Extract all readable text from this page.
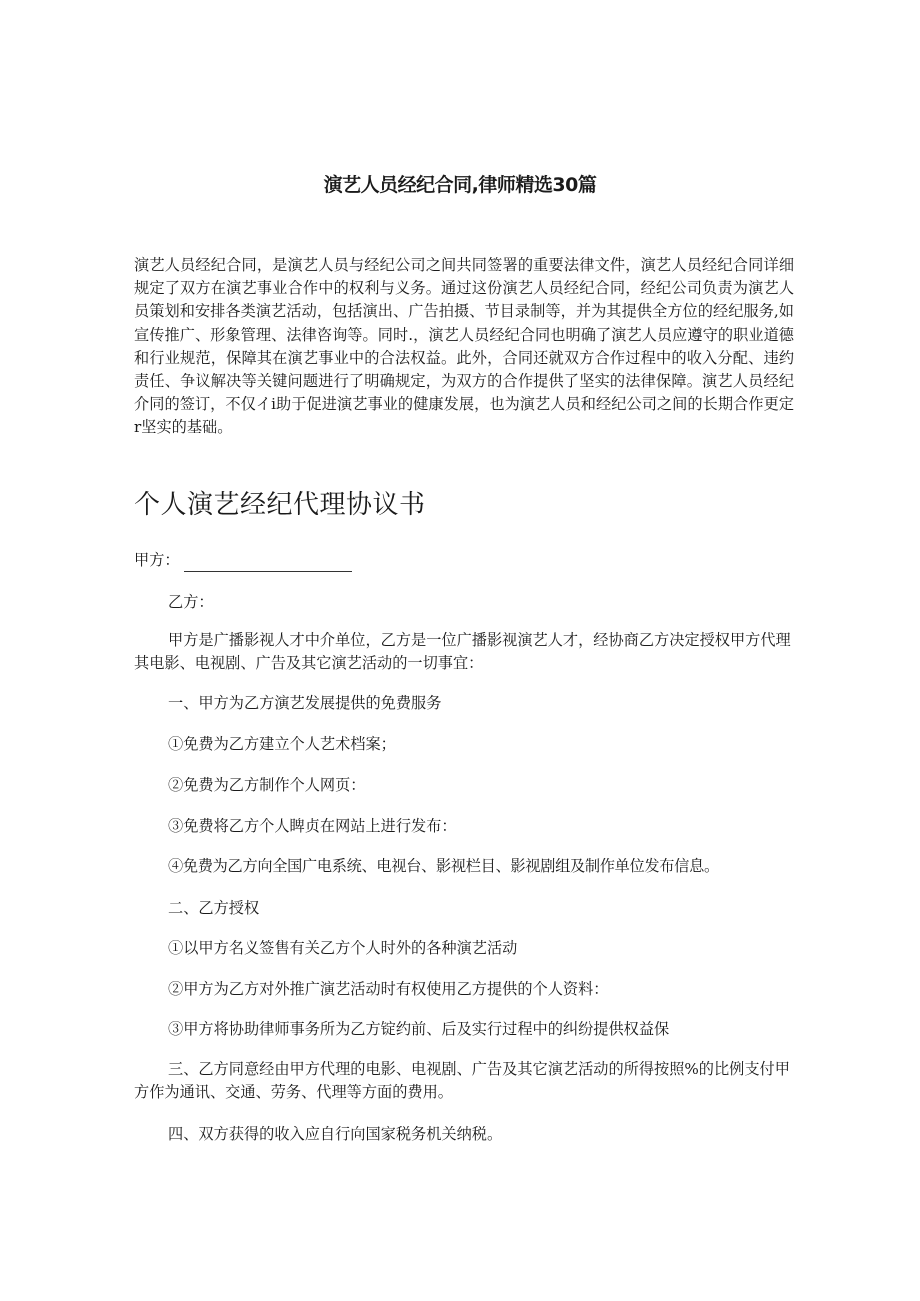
演艺人员经纪合同,律师精选30篇

演艺人员经纪合同，是演艺人员与经纪公司之间共同签署的重要法律文件，演艺人员经纪合同详细规定了双方在演艺事业合作中的权利与义务。通过这份演艺人员经纪合同，经纪公司负责为演艺人员策划和安排各类演艺活动，包括演出、广告拍摄、节目录制等，并为其提供全方位的经纪服务,如宣传推广、形象管理、法律咨询等。同时.，演艺人员经纪合同也明确了演艺人员应遵守的职业道德和行业规范，保障其在演艺事业中的合法权益。此外，合同还就双方合作过程中的收入分配、违约责任、争议解决等关键问题进行了明确规定，为双方的合作提供了坚实的法律保障。演艺人员经纪介同的签订，不仅イi助于促进演艺事业的健康发展，也为演艺人员和经纪公司之间的长期合作更定r坚实的基础。

个人演艺经纪代理协议书

甲方：

乙方：

甲方是广播影视人才中介单位，乙方是一位广播影视演艺人才，经协商乙方决定授权甲方代理其电影、电视剧、广告及其它演艺活动的一切事宜：

一、甲方为乙方演艺发展提供的免费服务

①免费为乙方建立个人艺术档案；

②免费为乙方制作个人网页：

③免费将乙方个人睥贞在网站上进行发布：

④免费为乙方向全国广电系统、电视台、影视栏目、影视剧组及制作单位发布信息。

二、乙方授权

①以甲方名义签售有关乙方个人时外的各种演艺活动

②甲方为乙方对外推广演艺活动时有权使用乙方提供的个人资料：

③甲方将协助律师事务所为乙方锭约前、后及实行过程中的纠纷提供权益保

三、乙方同意经由甲方代理的电影、电视剧、广告及其它演艺活动的所得按照%的比例支付甲方作为通讯、交通、劳务、代理等方面的费用。

四、双方获得的收入应自行向国家税务机关纳税。
